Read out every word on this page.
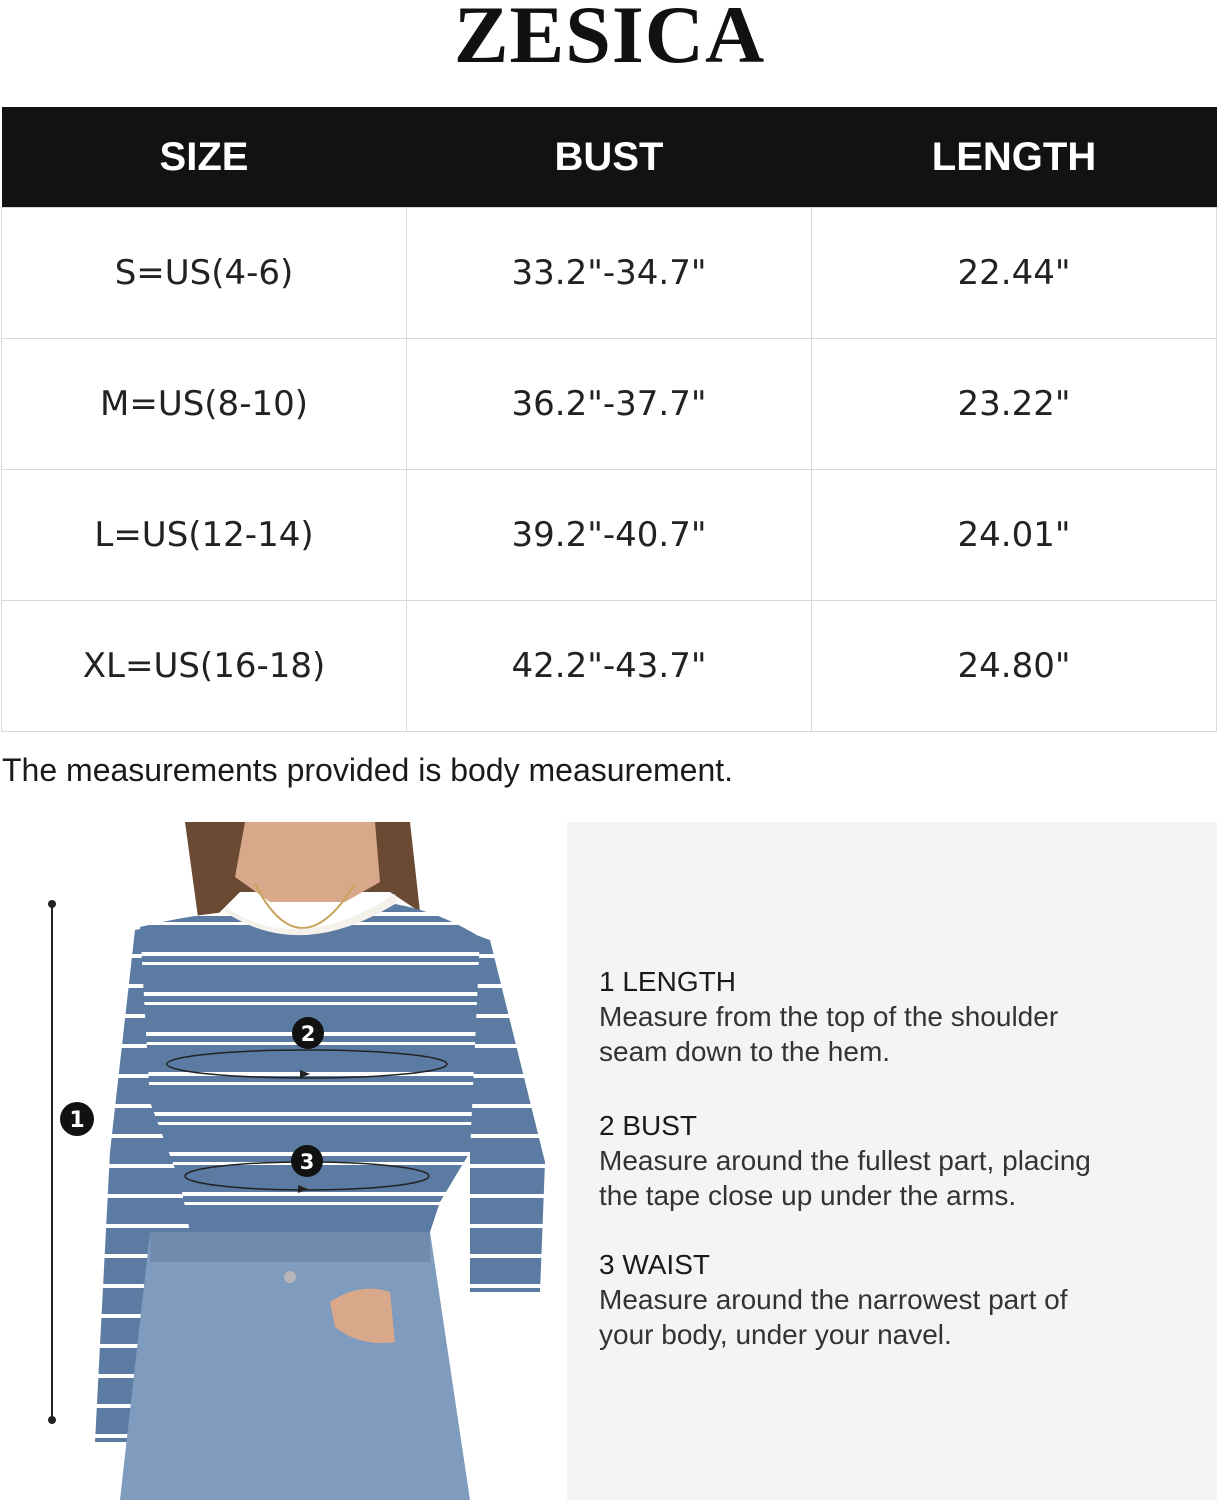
ZESICA
SIZE	BUST	LENGTH
S=US(4-6)	33.2"-34.7"	22.44"
M=US(8-10)	36.2"-37.7"	23.22"
L=US(12-14)	39.2"-40.7"	24.01"
XL=US(16-18)	42.2"-43.7"	24.80"
The measurements provided is body measurement.
1
2
3
1 LENGTH
Measure from the top of the shoulder
seam down to the hem.
2 BUST
Measure around the fullest part, placing
the tape close up under the arms.
3 WAIST
Measure around the narrowest part of
your body, under your navel.
